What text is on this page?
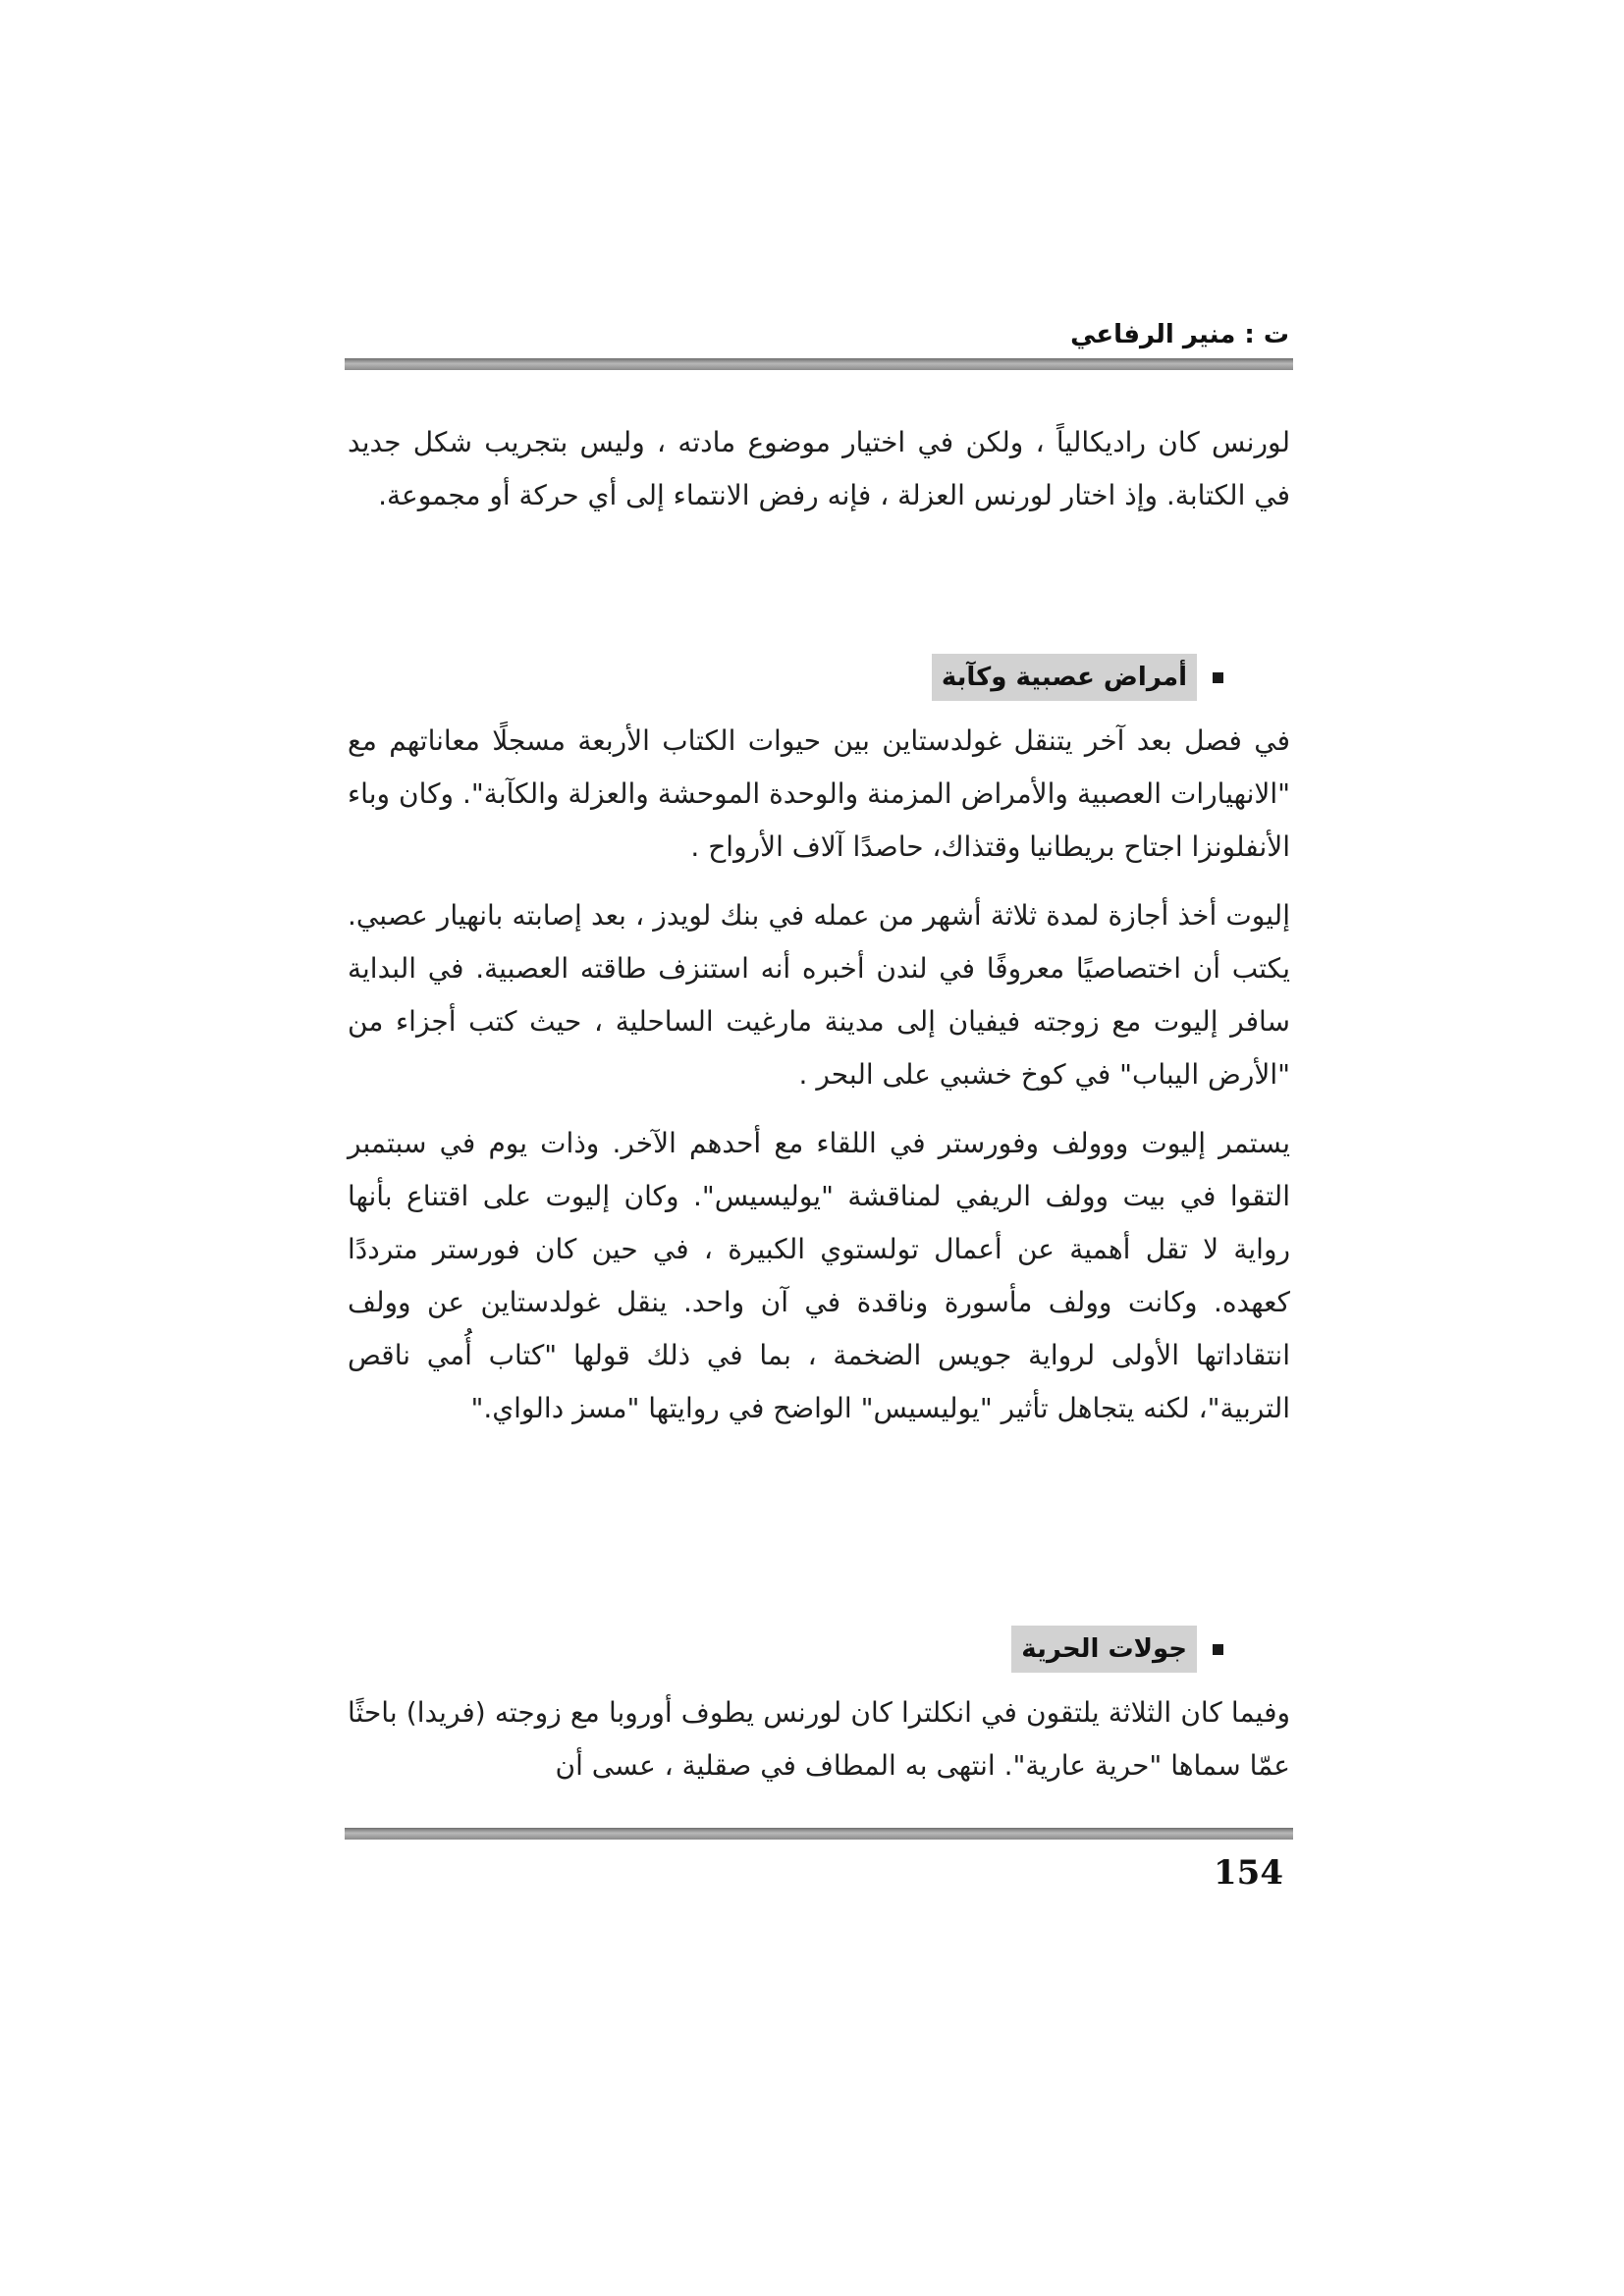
ت : منير الرفاعي

لورنس كان راديكالياً ، ولكن في اختيار موضوع مادته ، وليس بتجريب شكل جديد في الكتابة. وإذ اختار لورنس العزلة ، فإنه رفض الانتماء إلى أي حركة أو مجموعة.

أمراض عصبية وكآبة

في فصل بعد آخر يتنقل غولدستاين بين حيوات الكتاب الأربعة مسجلًا معاناتهم مع "الانهيارات العصبية والأمراض المزمنة والوحدة الموحشة والعزلة والكآبة". وكان وباء الأنفلونزا اجتاح بريطانيا وقتذاك، حاصدًا آلاف الأرواح .

إليوت أخذ أجازة لمدة ثلاثة أشهر من عمله في بنك لويدز ، بعد إصابته بانهيار عصبي. يكتب أن اختصاصيًا معروفًا في لندن أخبره أنه استنزف طاقته العصبية. في البداية سافر إليوت مع زوجته فيفيان إلى مدينة مارغيت الساحلية ، حيث كتب أجزاء من "الأرض اليباب" في كوخ خشبي على البحر .

يستمر إليوت ووولف وفورستر في اللقاء مع أحدهم الآخر. وذات يوم في سبتمبر التقوا في بيت وولف الريفي لمناقشة "يوليسيس". وكان إليوت على اقتناع بأنها رواية لا تقل أهمية عن أعمال تولستوي الكبيرة ، في حين كان فورستر مترددًا كعهده. وكانت وولف مأسورة وناقدة في آن واحد. ينقل غولدستاين عن وولف انتقاداتها الأولى لرواية جويس الضخمة ، بما في ذلك قولها "كتاب أُمي ناقص التربية"، لكنه يتجاهل تأثير "يوليسيس" الواضح في روايتها "مسز دالواي."

جولات الحرية

وفيما كان الثلاثة يلتقون في انكلترا كان لورنس يطوف أوروبا مع زوجته (فريدا) باحثًا عمّا سماها "حرية عارية". انتهى به المطاف في صقلية ، عسى أن

154
